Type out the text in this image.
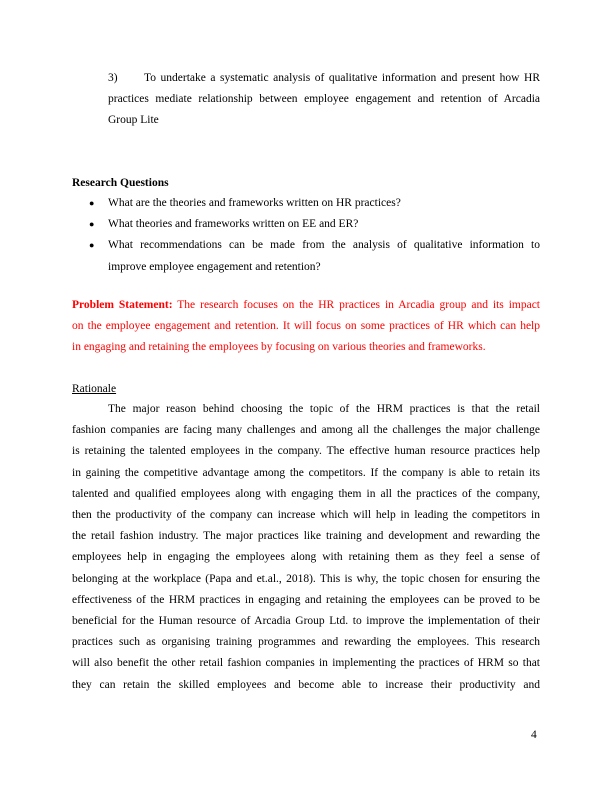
3) To undertake a systematic analysis of qualitative information and present how HR
practices mediate relationship between employee engagement and retention of Arcadia
Group Lite
Research Questions
● What are the theories and frameworks written on HR practices?
● What theories and frameworks written on EE and ER?
● What recommendations can be made from the analysis of qualitative information to
improve employee engagement and retention?
Problem Statement: The research focuses on the HR practices in Arcadia group and its impact
on the employee engagement and retention. It will focus on some practices of HR which can help
in engaging and retaining the employees by focusing on various theories and frameworks.
Rationale
The major reason behind choosing the topic of the HRM practices is that the retail
fashion companies are facing many challenges and among all the challenges the major challenge
is retaining the talented employees in the company. The effective human resource practices help
in gaining the competitive advantage among the competitors. If the company is able to retain its
talented and qualified employees along with engaging them in all the practices of the company,
then the productivity of the company can increase which will help in leading the competitors in
the retail fashion industry. The major practices like training and development and rewarding the
employees help in engaging the employees along with retaining them as they feel a sense of
belonging at the workplace (Papa and et.al., 2018). This is why, the topic chosen for ensuring the
effectiveness of the HRM practices in engaging and retaining the employees can be proved to be
beneficial for the Human resource of Arcadia Group Ltd. to improve the implementation of their
practices such as organising training programmes and rewarding the employees. This research
will also benefit the other retail fashion companies in implementing the practices of HRM so that
they can retain the skilled employees and become able to increase their productivity and
4
